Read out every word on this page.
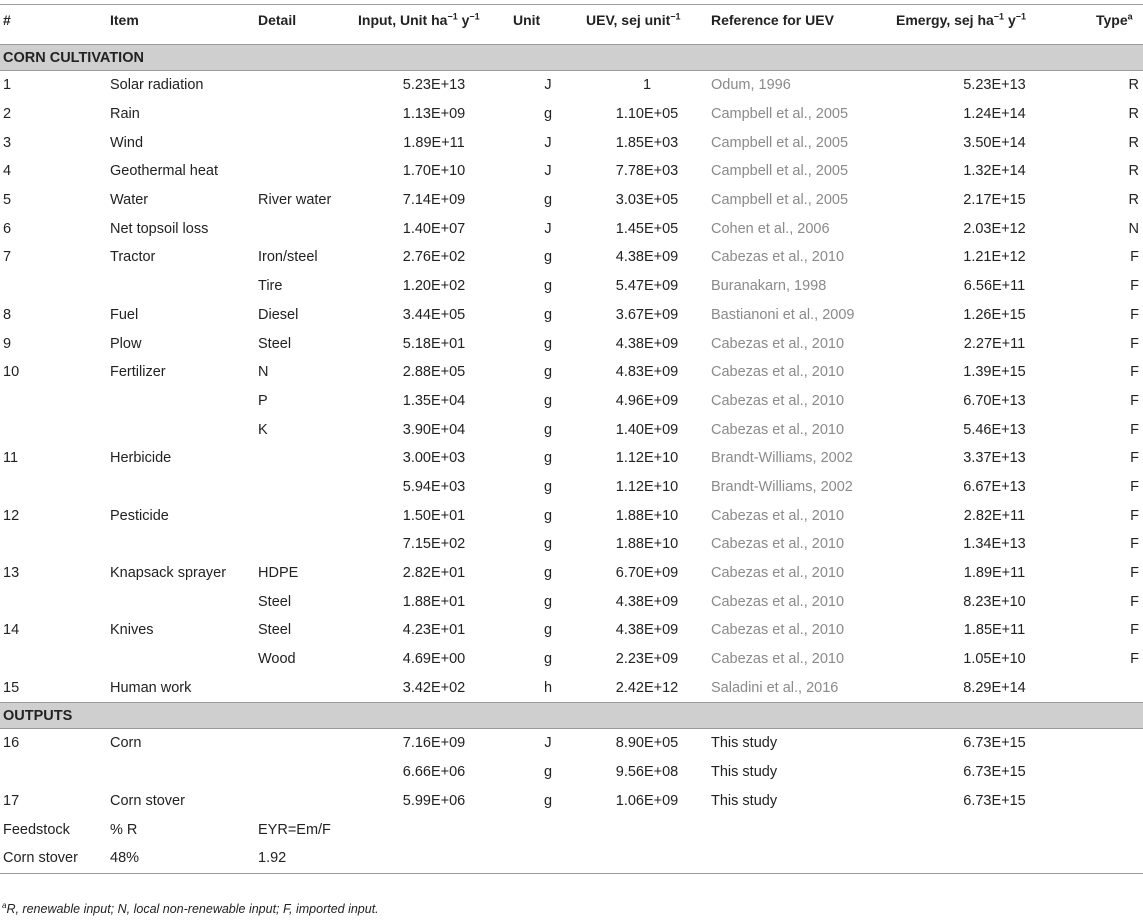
#	Item	Detail	Input, Unit $ha^{-1}$ $y^{-1}$	Unit	UEV, sej unit$^{-1}$	Reference for UEV	Emergy, sej $ha^{-1}$ $y^{-1}$	Type$^a$
CORN CULTIVATION								
1	Solar radiation		5.23E+13	J	1	Odum, 1996	5.23E+13	R
2	Rain		1.13E+09	g	1.10E+05	Campbell et al., 2005	1.24E+14	R
3	Wind		1.89E+11	J	1.85E+03	Campbell et al., 2005	3.50E+14	R
4	Geothermal heat		1.70E+10	J	7.78E+03	Campbell et al., 2005	1.32E+14	R
5	Water	River water	7.14E+09	g	3.03E+05	Campbell et al., 2005	2.17E+15	R
6	Net topsoil loss		1.40E+07	J	1.45E+05	Cohen et al., 2006	2.03E+12	N
7	Tractor	Iron/steel	2.76E+02	g	4.38E+09	Cabezas et al., 2010	1.21E+12	F
		Tire	1.20E+02	g	5.47E+09	Buranakarn, 1998	6.56E+11	F
8	Fuel	Diesel	3.44E+05	g	3.67E+09	Bastianoni et al., 2009	1.26E+15	F
9	Plow	Steel	5.18E+01	g	4.38E+09	Cabezas et al., 2010	2.27E+11	F
10	Fertilizer	N	2.88E+05	g	4.83E+09	Cabezas et al., 2010	1.39E+15	F
		P	1.35E+04	g	4.96E+09	Cabezas et al., 2010	6.70E+13	F
		K	3.90E+04	g	1.40E+09	Cabezas et al., 2010	5.46E+13	F
11	Herbicide		3.00E+03	g	1.12E+10	Brandt-Williams, 2002	3.37E+13	F
			5.94E+03	g	1.12E+10	Brandt-Williams, 2002	6.67E+13	F
12	Pesticide		1.50E+01	g	1.88E+10	Cabezas et al., 2010	2.82E+11	F
			7.15E+02	g	1.88E+10	Cabezas et al., 2010	1.34E+13	F
13	Knapsack sprayer	HDPE	2.82E+01	g	6.70E+09	Cabezas et al., 2010	1.89E+11	F
		Steel	1.88E+01	g	4.38E+09	Cabezas et al., 2010	8.23E+10	F
14	Knives	Steel	4.23E+01	g	4.38E+09	Cabezas et al., 2010	1.85E+11	F
		Wood	4.69E+00	g	2.23E+09	Cabezas et al., 2010	1.05E+10	F
15	Human work		3.42E+02	h	2.42E+12	Saladini et al., 2016	8.29E+14	
OUTPUTS								
16	Corn		7.16E+09	J	8.90E+05	This study	6.73E+15	
			6.66E+06	g	9.56E+08	This study	6.73E+15	
17	Corn stover		5.99E+06	g	1.06E+09	This study	6.73E+15	
Feedstock	% R	EYR=Em/F						
Corn stover	48%	1.92						
$^a$R, renewable input; N, local non-renewable input; F, imported input.
